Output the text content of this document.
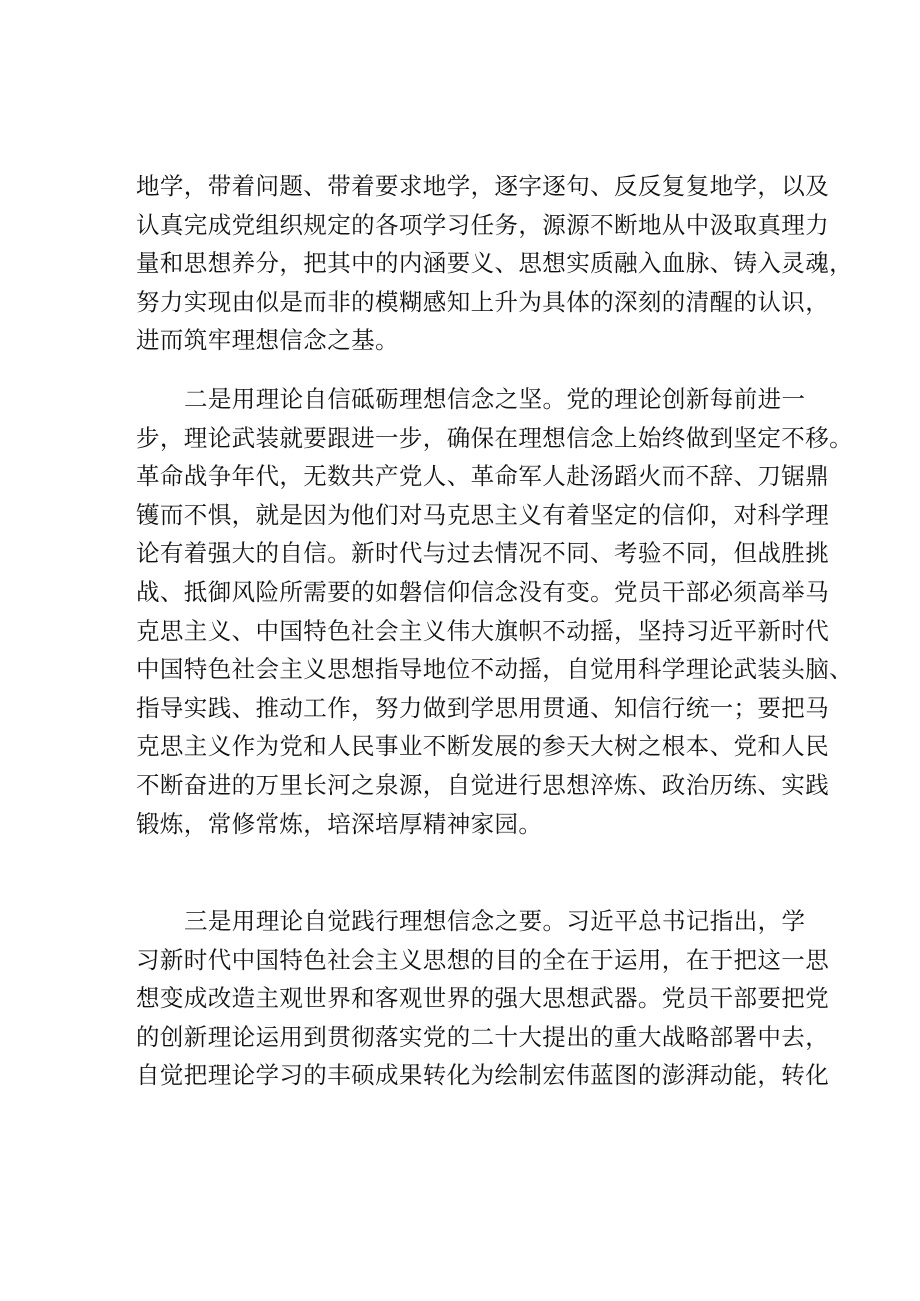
地学，带着问题、带着要求地学，逐字逐句、反反复复地学，以及
认真完成党组织规定的各项学习任务，源源不断地从中汲取真理力
量和思想养分，把其中的内涵要义、思想实质融入血脉、铸入灵魂，
努力实现由似是而非的模糊感知上升为具体的深刻的清醒的认识，
进而筑牢理想信念之基。
二是用理论自信砥砺理想信念之坚。党的理论创新每前进一
步，理论武装就要跟进一步，确保在理想信念上始终做到坚定不移。
革命战争年代，无数共产党人、革命军人赴汤蹈火而不辞、刀锯鼎
镬而不惧，就是因为他们对马克思主义有着坚定的信仰，对科学理
论有着强大的自信。新时代与过去情况不同、考验不同，但战胜挑
战、抵御风险所需要的如磐信仰信念没有变。党员干部必须高举马
克思主义、中国特色社会主义伟大旗帜不动摇，坚持习近平新时代
中国特色社会主义思想指导地位不动摇，自觉用科学理论武装头脑、
指导实践、推动工作，努力做到学思用贯通、知信行统一；要把马
克思主义作为党和人民事业不断发展的参天大树之根本、党和人民
不断奋进的万里长河之泉源，自觉进行思想淬炼、政治历练、实践
锻炼，常修常炼，培深培厚精神家园。
三是用理论自觉践行理想信念之要。习近平总书记指出，学
习新时代中国特色社会主义思想的目的全在于运用，在于把这一思
想变成改造主观世界和客观世界的强大思想武器。党员干部要把党
的创新理论运用到贯彻落实党的二十大提出的重大战略部署中去，
自觉把理论学习的丰硕成果转化为绘制宏伟蓝图的澎湃动能，转化
